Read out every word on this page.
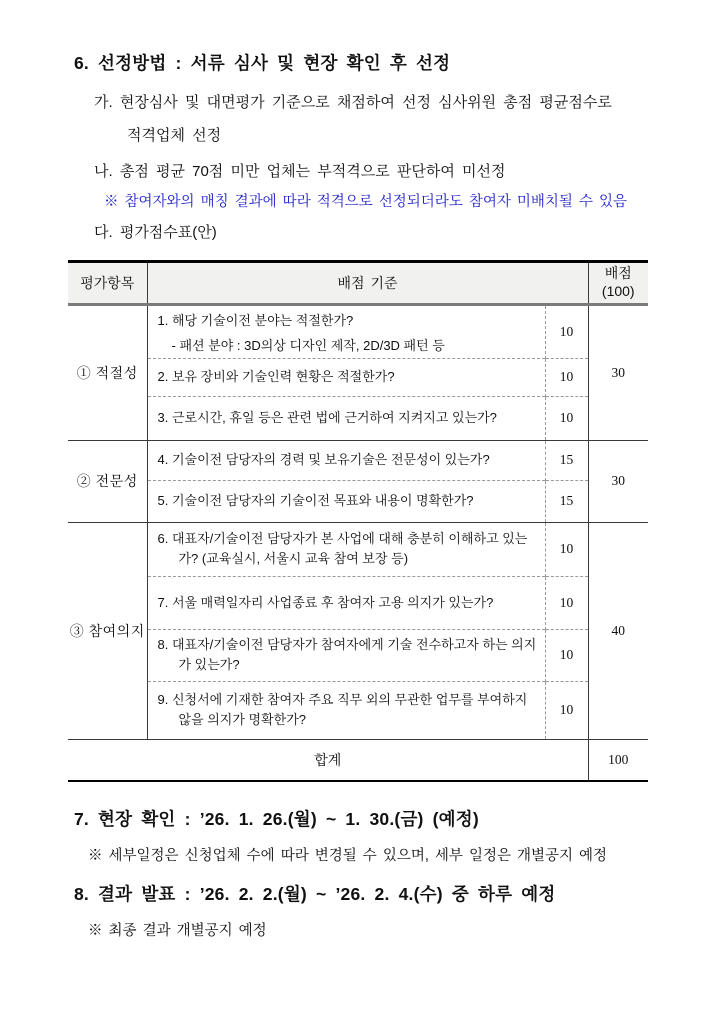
6. 선정방법 : 서류 심사 및 현장 확인 후 선정
가. 현장심사 및 대면평가 기준으로 채점하여 선정 심사위원 총점 평균점수로
적격업체 선정
나. 총점 평균 70점 미만 업체는 부적격으로 판단하여 미선정
※ 참여자와의 매칭 결과에 따라 적격으로 선정되더라도 참여자 미배치될 수 있음
다. 평가점수표(안)
평가항목	배점 기준		배점
(100)

① 적절성	1. 해당 기술이전 분야는 적절한가?
- 패션 분야 : 3D의상 디자인 제작, 2D/3D 패턴 등	10	30

	2. 보유 장비와 기술인력 현황은 적절한가?	10	

	3. 근로시간, 휴일 등은 관련 법에 근거하여 지켜지고 있는가?	10	
② 전문성	4. 기술이전 담당자의 경력 및 보유기술은 전문성이 있는가?	15	30

	5. 기술이전 담당자의 기술이전 목표와 내용이 명확한가?	15	
③ 참여의지	6. 대표자/기술이전 담당자가 본 사업에 대해 충분히 이해하고 있는가? (교육실시, 서울시 교육 참여 보장 등)	10	40

	7. 서울 매력일자리 사업종료 후 참여자 고용 의지가 있는가?	10	

	8. 대표자/기술이전 담당자가 참여자에게 기술 전수하고자 하는 의지가 있는가?	10	

	9. 신청서에 기재한 참여자 주요 직무 외의 무관한 업무를 부여하지 않을 의지가 명확한가?	10	
합계			100
7. 현장 확인 : ’26. 1. 26.(월) ~ 1. 30.(금) (예정)
※ 세부일정은 신청업체 수에 따라 변경될 수 있으며, 세부 일정은 개별공지 예정
8. 결과 발표 : ’26. 2. 2.(월) ~ ’26. 2. 4.(수) 중 하루 예정
※ 최종 결과 개별공지 예정
